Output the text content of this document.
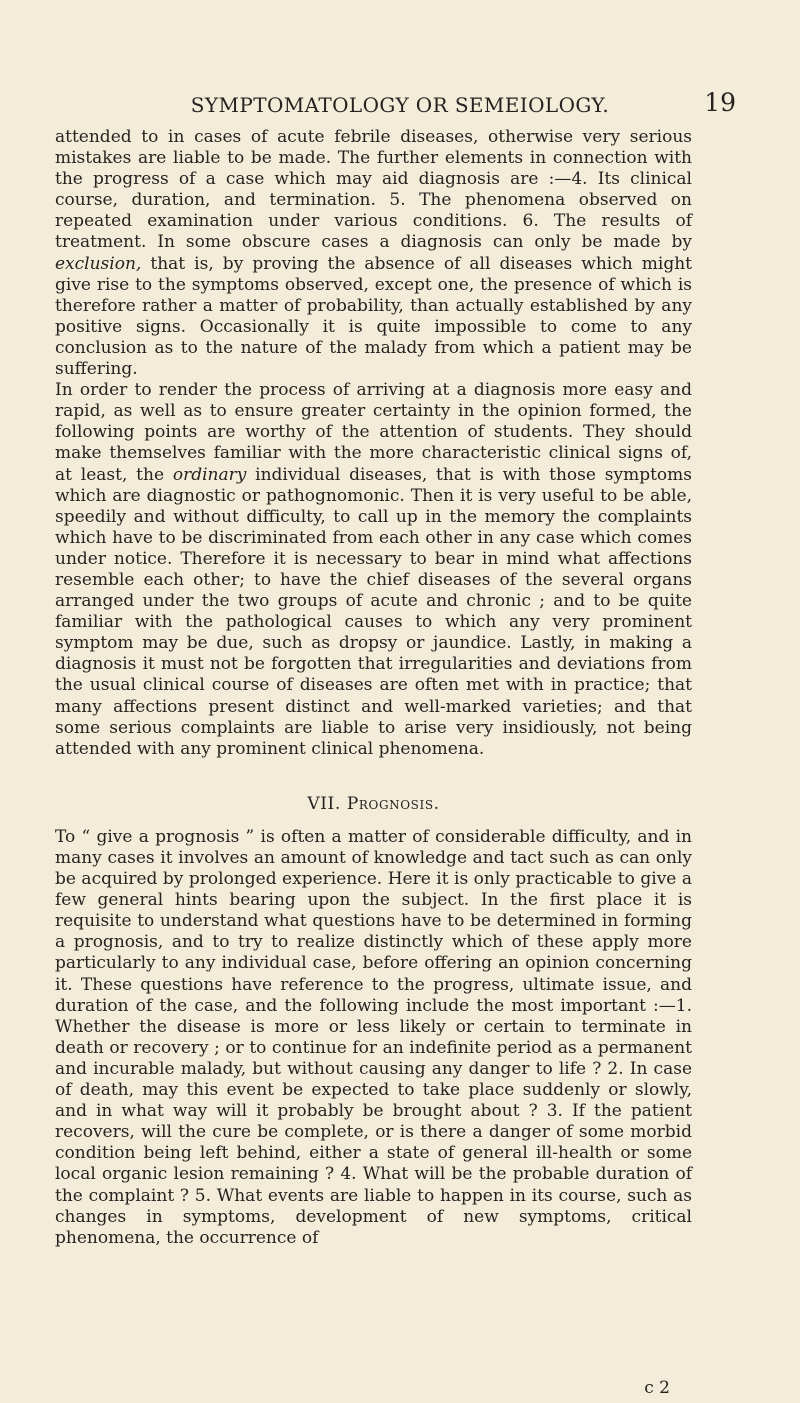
SYMPTOMATOLOGY OR SEMEIOLOGY.	19

attended to in cases of acute febrile diseases, otherwise very serious mistakes are liable to be made. The further elements in connection with the progress of a case which may aid diagnosis are :—4. Its clinical course, duration, and termination. 5. The phenomena observed on repeated examination under various conditions. 6. The results of treatment. In some obscure cases a diagnosis can only be made by exclusion, that is, by proving the absence of all diseases which might give rise to the symptoms observed, except one, the presence of which is therefore rather a matter of probability, than actually established by any positive signs. Occasionally it is quite impossible to come to any conclusion as to the nature of the malady from which a patient may be suffering.

In order to render the process of arriving at a diagnosis more easy and rapid, as well as to ensure greater certainty in the opinion formed, the following points are worthy of the attention of students. They should make themselves familiar with the more characteristic clinical signs of, at least, the ordinary individual diseases, that is with those symptoms which are diagnostic or pathognomonic. Then it is very useful to be able, speedily and without difficulty, to call up in the memory the complaints which have to be discriminated from each other in any case which comes under notice. Therefore it is necessary to bear in mind what affections resemble each other; to have the chief diseases of the several organs arranged under the two groups of acute and chronic ; and to be quite familiar with the pathological causes to which any very prominent symptom may be due, such as dropsy or jaundice. Lastly, in making a diagnosis it must not be forgotten that irregularities and deviations from the usual clinical course of diseases are often met with in practice; that many affections present distinct and well-marked varieties; and that some serious complaints are liable to arise very insidiously, not being attended with any prominent clinical phenomena.

VII. Prognosis.

To “ give a prognosis ” is often a matter of considerable difficulty, and in many cases it involves an amount of knowledge and tact such as can only be acquired by prolonged experience. Here it is only practicable to give a few general hints bearing upon the subject. In the first place it is requisite to understand what questions have to be determined in forming a prognosis, and to try to realize distinctly which of these apply more particularly to any individual case, before offering an opinion concerning it. These questions have reference to the progress, ultimate issue, and duration of the case, and the following include the most important :—1. Whether the disease is more or less likely or certain to terminate in death or recovery ; or to continue for an indefinite period as a permanent and incurable malady, but without causing any danger to life ? 2. In case of death, may this event be expected to take place suddenly or slowly, and in what way will it probably be brought about ? 3. If the patient recovers, will the cure be complete, or is there a danger of some morbid condition being left behind, either a state of general ill-health or some local organic lesion remaining ? 4. What will be the probable duration of the complaint ? 5. What events are liable to happen in its course, such as changes in symptoms, development of new symptoms, critical phenomena, the occurrence of

c 2
